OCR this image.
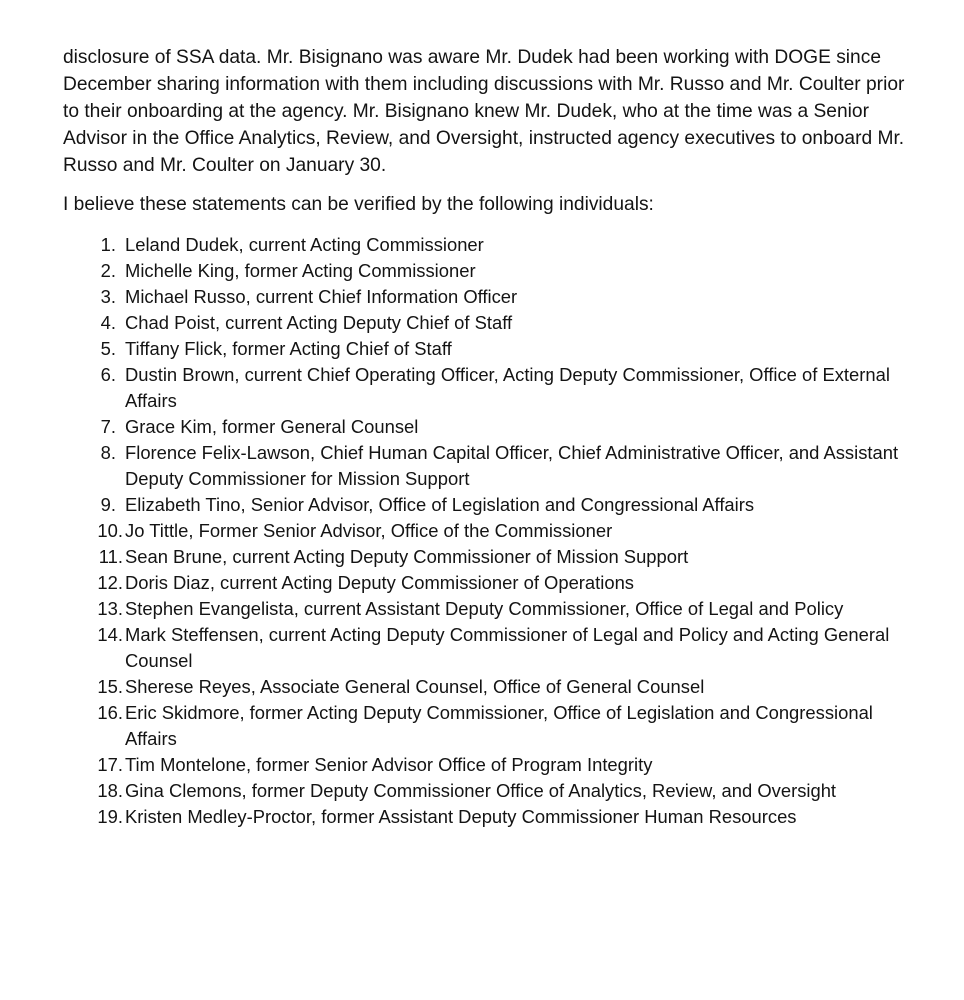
disclosure of SSA data. Mr. Bisignano was aware Mr. Dudek had been working with DOGE since December sharing information with them including discussions with Mr. Russo and Mr. Coulter prior to their onboarding at the agency. Mr. Bisignano knew Mr. Dudek, who at the time was a Senior Advisor in the Office Analytics, Review, and Oversight, instructed agency executives to onboard Mr. Russo and Mr. Coulter on January 30.

I believe these statements can be verified by the following individuals:

1. Leland Dudek, current Acting Commissioner
2. Michelle King, former Acting Commissioner
3. Michael Russo, current Chief Information Officer
4. Chad Poist, current Acting Deputy Chief of Staff
5. Tiffany Flick, former Acting Chief of Staff
6. Dustin Brown, current Chief Operating Officer, Acting Deputy Commissioner, Office of External Affairs
7. Grace Kim, former General Counsel
8. Florence Felix-Lawson, Chief Human Capital Officer, Chief Administrative Officer, and Assistant Deputy Commissioner for Mission Support
9. Elizabeth Tino, Senior Advisor, Office of Legislation and Congressional Affairs
10. Jo Tittle, Former Senior Advisor, Office of the Commissioner
11. Sean Brune, current Acting Deputy Commissioner of Mission Support
12. Doris Diaz, current Acting Deputy Commissioner of Operations
13. Stephen Evangelista, current Assistant Deputy Commissioner, Office of Legal and Policy
14. Mark Steffensen, current Acting Deputy Commissioner of Legal and Policy and Acting General Counsel
15. Sherese Reyes, Associate General Counsel, Office of General Counsel
16. Eric Skidmore, former Acting Deputy Commissioner, Office of Legislation and Congressional Affairs
17. Tim Montelone, former Senior Advisor Office of Program Integrity
18. Gina Clemons, former Deputy Commissioner Office of Analytics, Review, and Oversight
19. Kristen Medley-Proctor, former Assistant Deputy Commissioner Human Resources
